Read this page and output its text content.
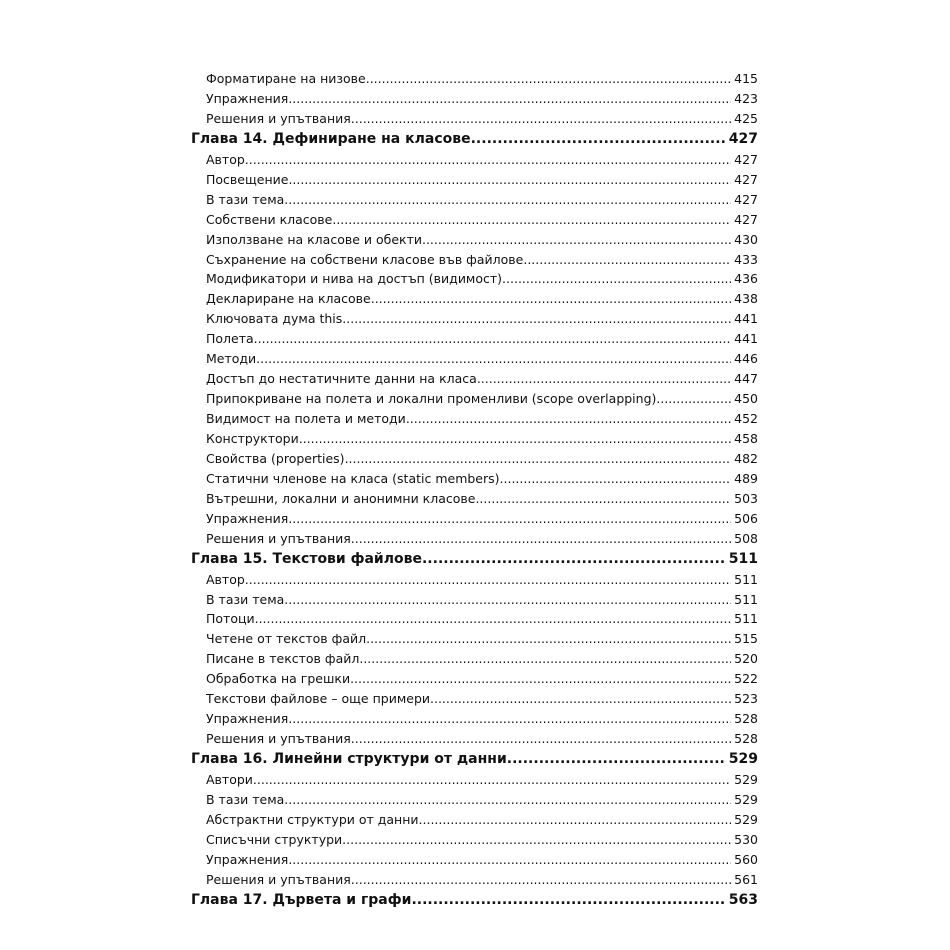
Форматиране на низове .....	415
Упражнения .....	423
Решения и упътвания .....	425
Глава 14. Дефиниране на класове .....	427
Автор .....	427
Посвещение .....	427
В тази тема... .....	427
Собствени класове .....	427
Използване на класове и обекти .....	430
Съхранение на собствени класове във файлове .....	433
Модификатори и нива на достъп (видимост) .....	436
Деклариране на класове .....	438
Ключовата дума this .....	441
Полета .....	441
Методи .....	446
Достъп до нестатичните данни на класа .....	447
Припокриване на полета и локални променливи (scope overlapping) .....	450
Видимост на полета и методи .....	452
Конструктори .....	458
Свойства (properties) .....	482
Статични членове на класа (static members) .....	489
Вътрешни, локални и анонимни класове .....	503
Упражнения .....	506
Решения и упътвания .....	508
Глава 15. Текстови файлове .....	511
Автор .....	511
В тази тема... .....	511
Потоци .....	511
Четене от текстов файл .....	515
Писане в текстов файл .....	520
Обработка на грешки .....	522
Текстови файлове – още примери .....	523
Упражнения .....	528
Решения и упътвания .....	528
Глава 16. Линейни структури от данни .....	529
Автори .....	529
В тази тема... .....	529
Абстрактни структури от данни .....	529
Списъчни структури .....	530
Упражнения .....	560
Решения и упътвания .....	561
Глава 17. Дървета и графи .....	563
